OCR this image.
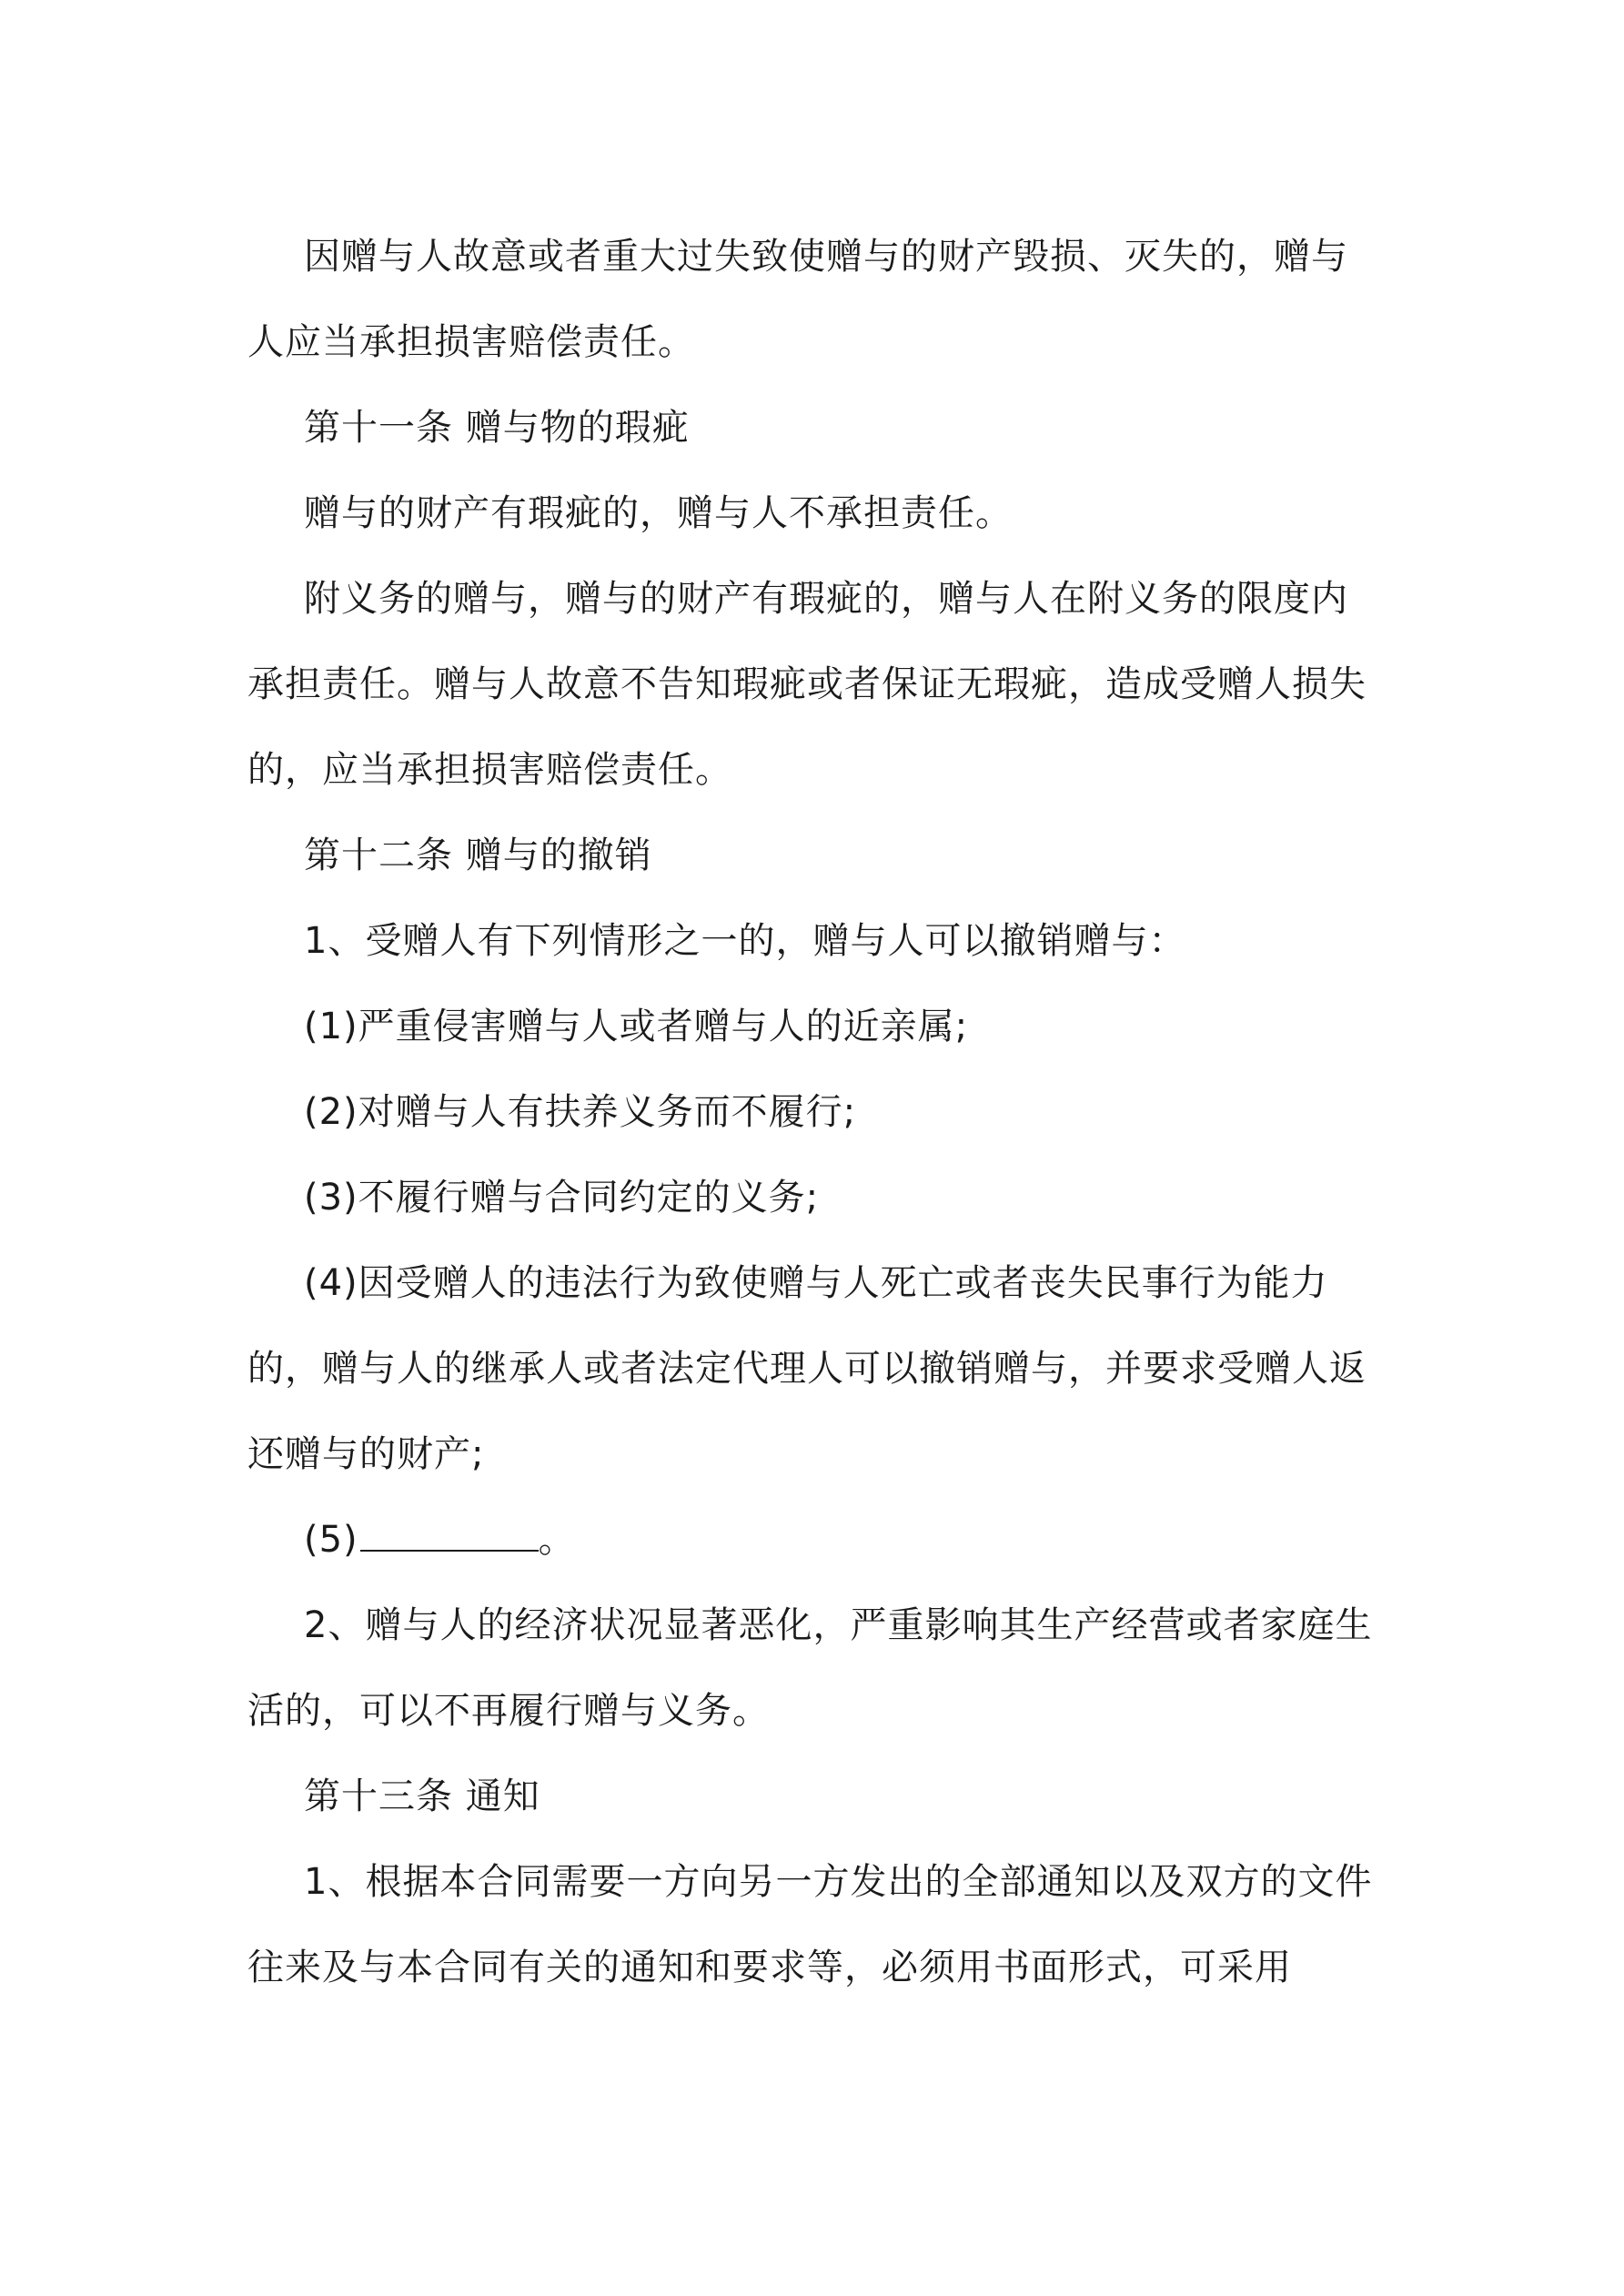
因赠与人故意或者重大过失致使赠与的财产毁损、灭失的，赠与人应当承担损害赔偿责任。

第十一条 赠与物的瑕疵

赠与的财产有瑕疵的，赠与人不承担责任。

附义务的赠与，赠与的财产有瑕疵的，赠与人在附义务的限度内承担责任。赠与人故意不告知瑕疵或者保证无瑕疵，造成受赠人损失的，应当承担损害赔偿责任。

第十二条 赠与的撤销

1、受赠人有下列情形之一的，赠与人可以撤销赠与：

(1)严重侵害赠与人或者赠与人的近亲属;

(2)对赠与人有扶养义务而不履行;

(3)不履行赠与合同约定的义务;

(4)因受赠人的违法行为致使赠与人死亡或者丧失民事行为能力的，赠与人的继承人或者法定代理人可以撤销赠与，并要求受赠人返还赠与的财产;

(5)	。

2、赠与人的经济状况显著恶化，严重影响其生产经营或者家庭生活的，可以不再履行赠与义务。

第十三条 通知

1、根据本合同需要一方向另一方发出的全部通知以及双方的文件往来及与本合同有关的通知和要求等，必须用书面形式，可采用
